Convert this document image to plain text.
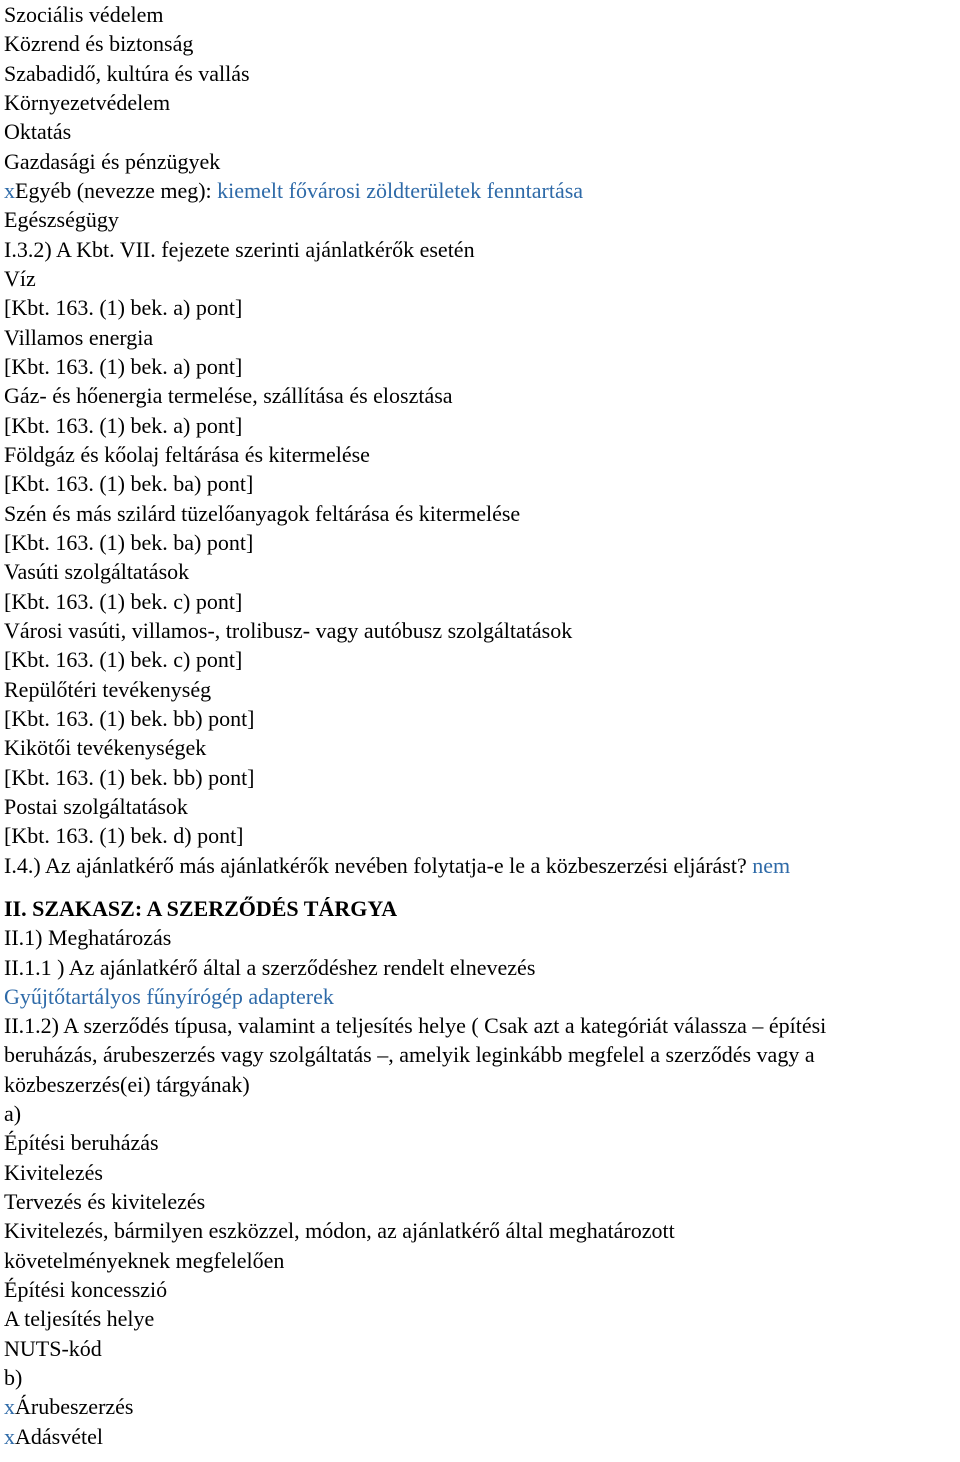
Szociális védelem
Közrend és biztonság
Szabadidő, kultúra és vallás
Környezetvédelem
Oktatás
Gazdasági és pénzügyek
xEgyéb (nevezze meg): kiemelt fővárosi zöldterületek fenntartása
Egészségügy
I.3.2) A Kbt. VII. fejezete szerinti ajánlatkérők esetén
Víz
[Kbt. 163. (1) bek. a) pont]
Villamos energia
[Kbt. 163. (1) bek. a) pont]
Gáz- és hőenergia termelése, szállítása és elosztása
[Kbt. 163. (1) bek. a) pont]
Földgáz és kőolaj feltárása és kitermelése
[Kbt. 163. (1) bek. ba) pont]
Szén és más szilárd tüzelőanyagok feltárása és kitermelése
[Kbt. 163. (1) bek. ba) pont]
Vasúti szolgáltatások
[Kbt. 163. (1) bek. c) pont]
Városi vasúti, villamos-, trolibusz- vagy autóbusz szolgáltatások
[Kbt. 163. (1) bek. c) pont]
Repülőtéri tevékenység
[Kbt. 163. (1) bek. bb) pont]
Kikötői tevékenységek
[Kbt. 163. (1) bek. bb) pont]
Postai szolgáltatások
[Kbt. 163. (1) bek. d) pont]
I.4.) Az ajánlatkérő más ajánlatkérők nevében folytatja-e le a közbeszerzési eljárást? nem
II. SZAKASZ: A SZERZŐDÉS TÁRGYA
II.1) Meghatározás
II.1.1 ) Az ajánlatkérő által a szerződéshez rendelt elnevezés
Gyűjtőtartályos fűnyírógép adapterek
II.1.2) A szerződés típusa, valamint a teljesítés helye ( Csak azt a kategóriát válassza – építési
beruházás, árubeszerzés vagy szolgáltatás –, amelyik leginkább megfelel a szerződés vagy a
közbeszerzés(ei) tárgyának)
a)
Építési beruházás
Kivitelezés
Tervezés és kivitelezés
Kivitelezés, bármilyen eszközzel, módon, az ajánlatkérő által meghatározott
követelményeknek megfelelően
Építési koncesszió
A teljesítés helye
NUTS-kód
b)
xÁrubeszerzés
xAdásvétel
